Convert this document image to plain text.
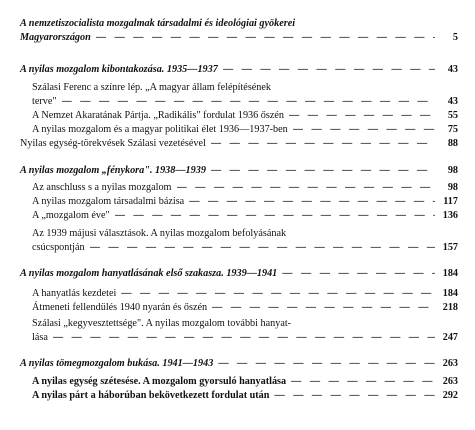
A nemzetiszocialista mozgalmak társadalmi és ideológiai gyökerei
Magyarországon — — —	5
A nyilas mozgalom kibontakozása. 1935—1937 — — —	43
Szálasi Ferenc a színre lép. „A magyar állam felépítésének
terve" — — —	43
A Nemzet Akaratának Pártja. „Radikális" fordulat 1936 őszén — — —	55
A nyilas mozgalom és a magyar politikai élet 1936—1937-ben — — —	75
Nyilas egység-törekvések Szálasi vezetésével — — —	88
A nyilas mozgalom „fénykora". 1938—1939 — — —	98
Az anschluss s a nyilas mozgalom — — —	98
A nyilas mozgalom társadalmi bázisa — — —	117
A „mozgalom éve" — — —	136
Az 1939 májusi választások. A nyilas mozgalom befolyásának
csúcspontján — — —	157
A nyilas mozgalom hanyatlásának első szakasza. 1939—1941 — — —	184
A hanyatlás kezdetei — — —	184
Átmeneti fellendülés 1940 nyarán és őszén — — —	218
Szálasi „kegyvesztettsége". A nyilas mozgalom további hanyat-
lása — — —	247
A nyilas tömegmozgalom bukása. 1941—1943 — — —	263
A nyilas egység szétesése. A mozgalom gyorsuló hanyatlása — — —	263
A nyilas párt a háborúban bekövetkezett fordulat után — — —	292
